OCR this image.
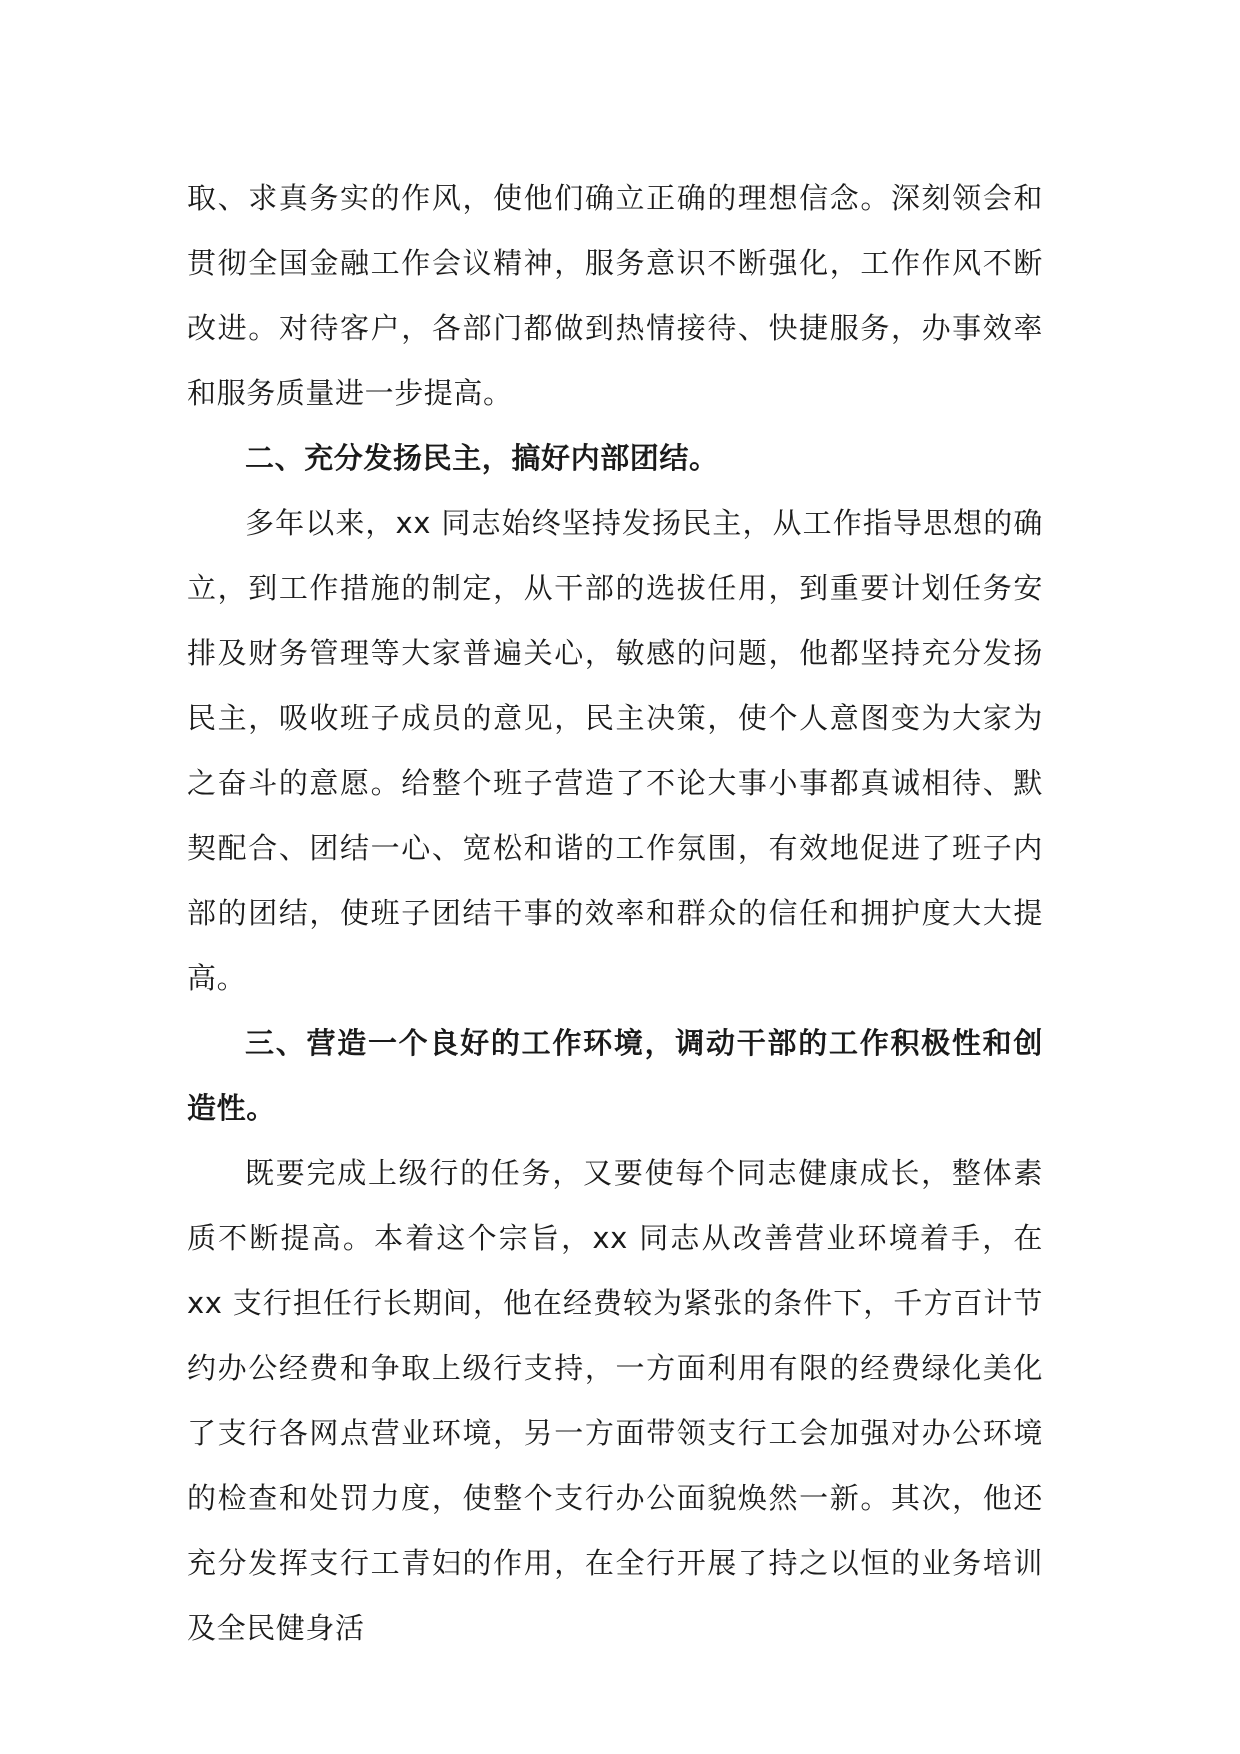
取、求真务实的作风，使他们确立正确的理想信念。深刻领会和贯彻全国金融工作会议精神，服务意识不断强化，工作作风不断改进。对待客户，各部门都做到热情接待、快捷服务，办事效率和服务质量进一步提高。

二、充分发扬民主，搞好内部团结。

多年以来，xx 同志始终坚持发扬民主，从工作指导思想的确立，到工作措施的制定，从干部的选拔任用，到重要计划任务安排及财务管理等大家普遍关心，敏感的问题，他都坚持充分发扬民主，吸收班子成员的意见，民主决策，使个人意图变为大家为之奋斗的意愿。给整个班子营造了不论大事小事都真诚相待、默契配合、团结一心、宽松和谐的工作氛围，有效地促进了班子内部的团结，使班子团结干事的效率和群众的信任和拥护度大大提高。

三、营造一个良好的工作环境，调动干部的工作积极性和创造性。

既要完成上级行的任务，又要使每个同志健康成长，整体素质不断提高。本着这个宗旨，xx 同志从改善营业环境着手，在 xx 支行担任行长期间，他在经费较为紧张的条件下，千方百计节约办公经费和争取上级行支持，一方面利用有限的经费绿化美化了支行各网点营业环境，另一方面带领支行工会加强对办公环境的检查和处罚力度，使整个支行办公面貌焕然一新。其次，他还充分发挥支行工青妇的作用，在全行开展了持之以恒的业务培训及全民健身活
